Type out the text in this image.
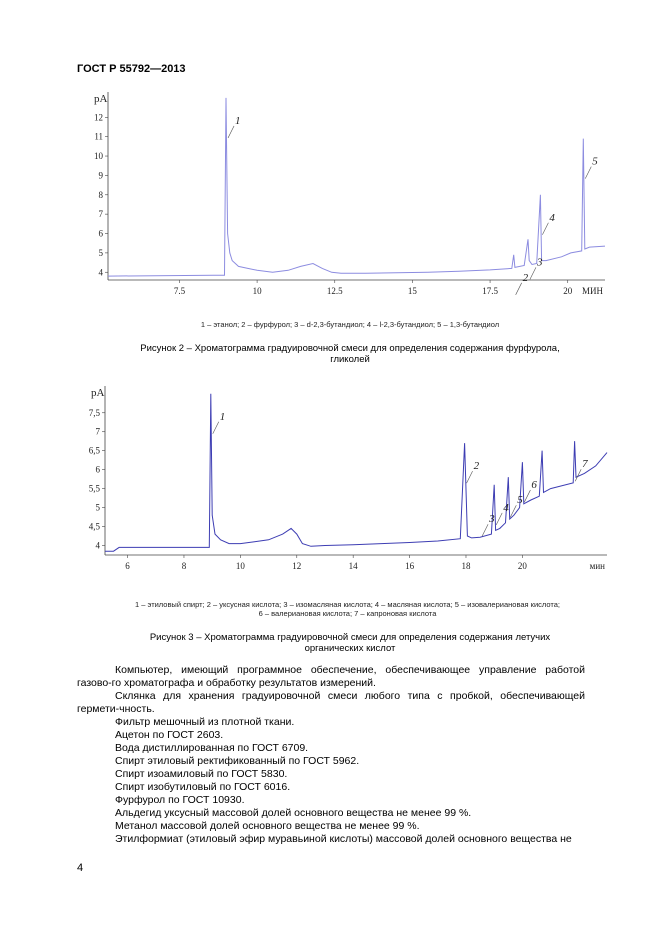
ГОСТ Р 55792—2013
4
5
6
7
8
9
10
11
12
pA
7.5	10	12.5	15	17.5	20 МИН
1
2
3
4
5
1 – этанол; 2 – фурфурол; 3 – d-2,3-бутандиол; 4 – l-2,3-бутандиол; 5 – 1,3-бутандиол
Рисунок 2 – Хроматограмма градуировочной смеси для определения содержания фурфурола,
гликолей
4
4,5
5
5,5
6
6,5
7
7,5
pA
6	8	10	12	14	16	18	20	мин
1
2
3
4
5
6
7
1 – этиловый спирт; 2 – уксусная кислота; 3 – изомасляная кислота; 4 – масляная кислота; 5 – изовалериановая кислота;
6 – валериановая кислота; 7 – капроновая кислота
Рисунок 3 – Хроматограмма градуировочной смеси для определения содержания летучих
органических кислот

Компьютер, имеющий программное обеспечение, обеспечивающее управление работой газово-го хроматографа и обработку результатов измерений.

Склянка для хранения градуировочной смеси любого типа с пробкой, обеспечивающей гермети-чность.

Фильтр мешочный из плотной ткани.
Ацетон по ГОСТ 2603.
Вода дистиллированная по ГОСТ 6709.
Спирт этиловый ректификованный по ГОСТ 5962.
Спирт изоамиловый по ГОСТ 5830.
Спирт изобутиловый по ГОСТ 6016.
Фурфурол по ГОСТ 10930.
Альдегид уксусный массовой долей основного вещества не менее 99 %.
Метанол массовой долей основного вещества не менее 99 %.

Этилформиат (этиловый эфир муравьиной кислоты) массовой долей основного вещества не

4
